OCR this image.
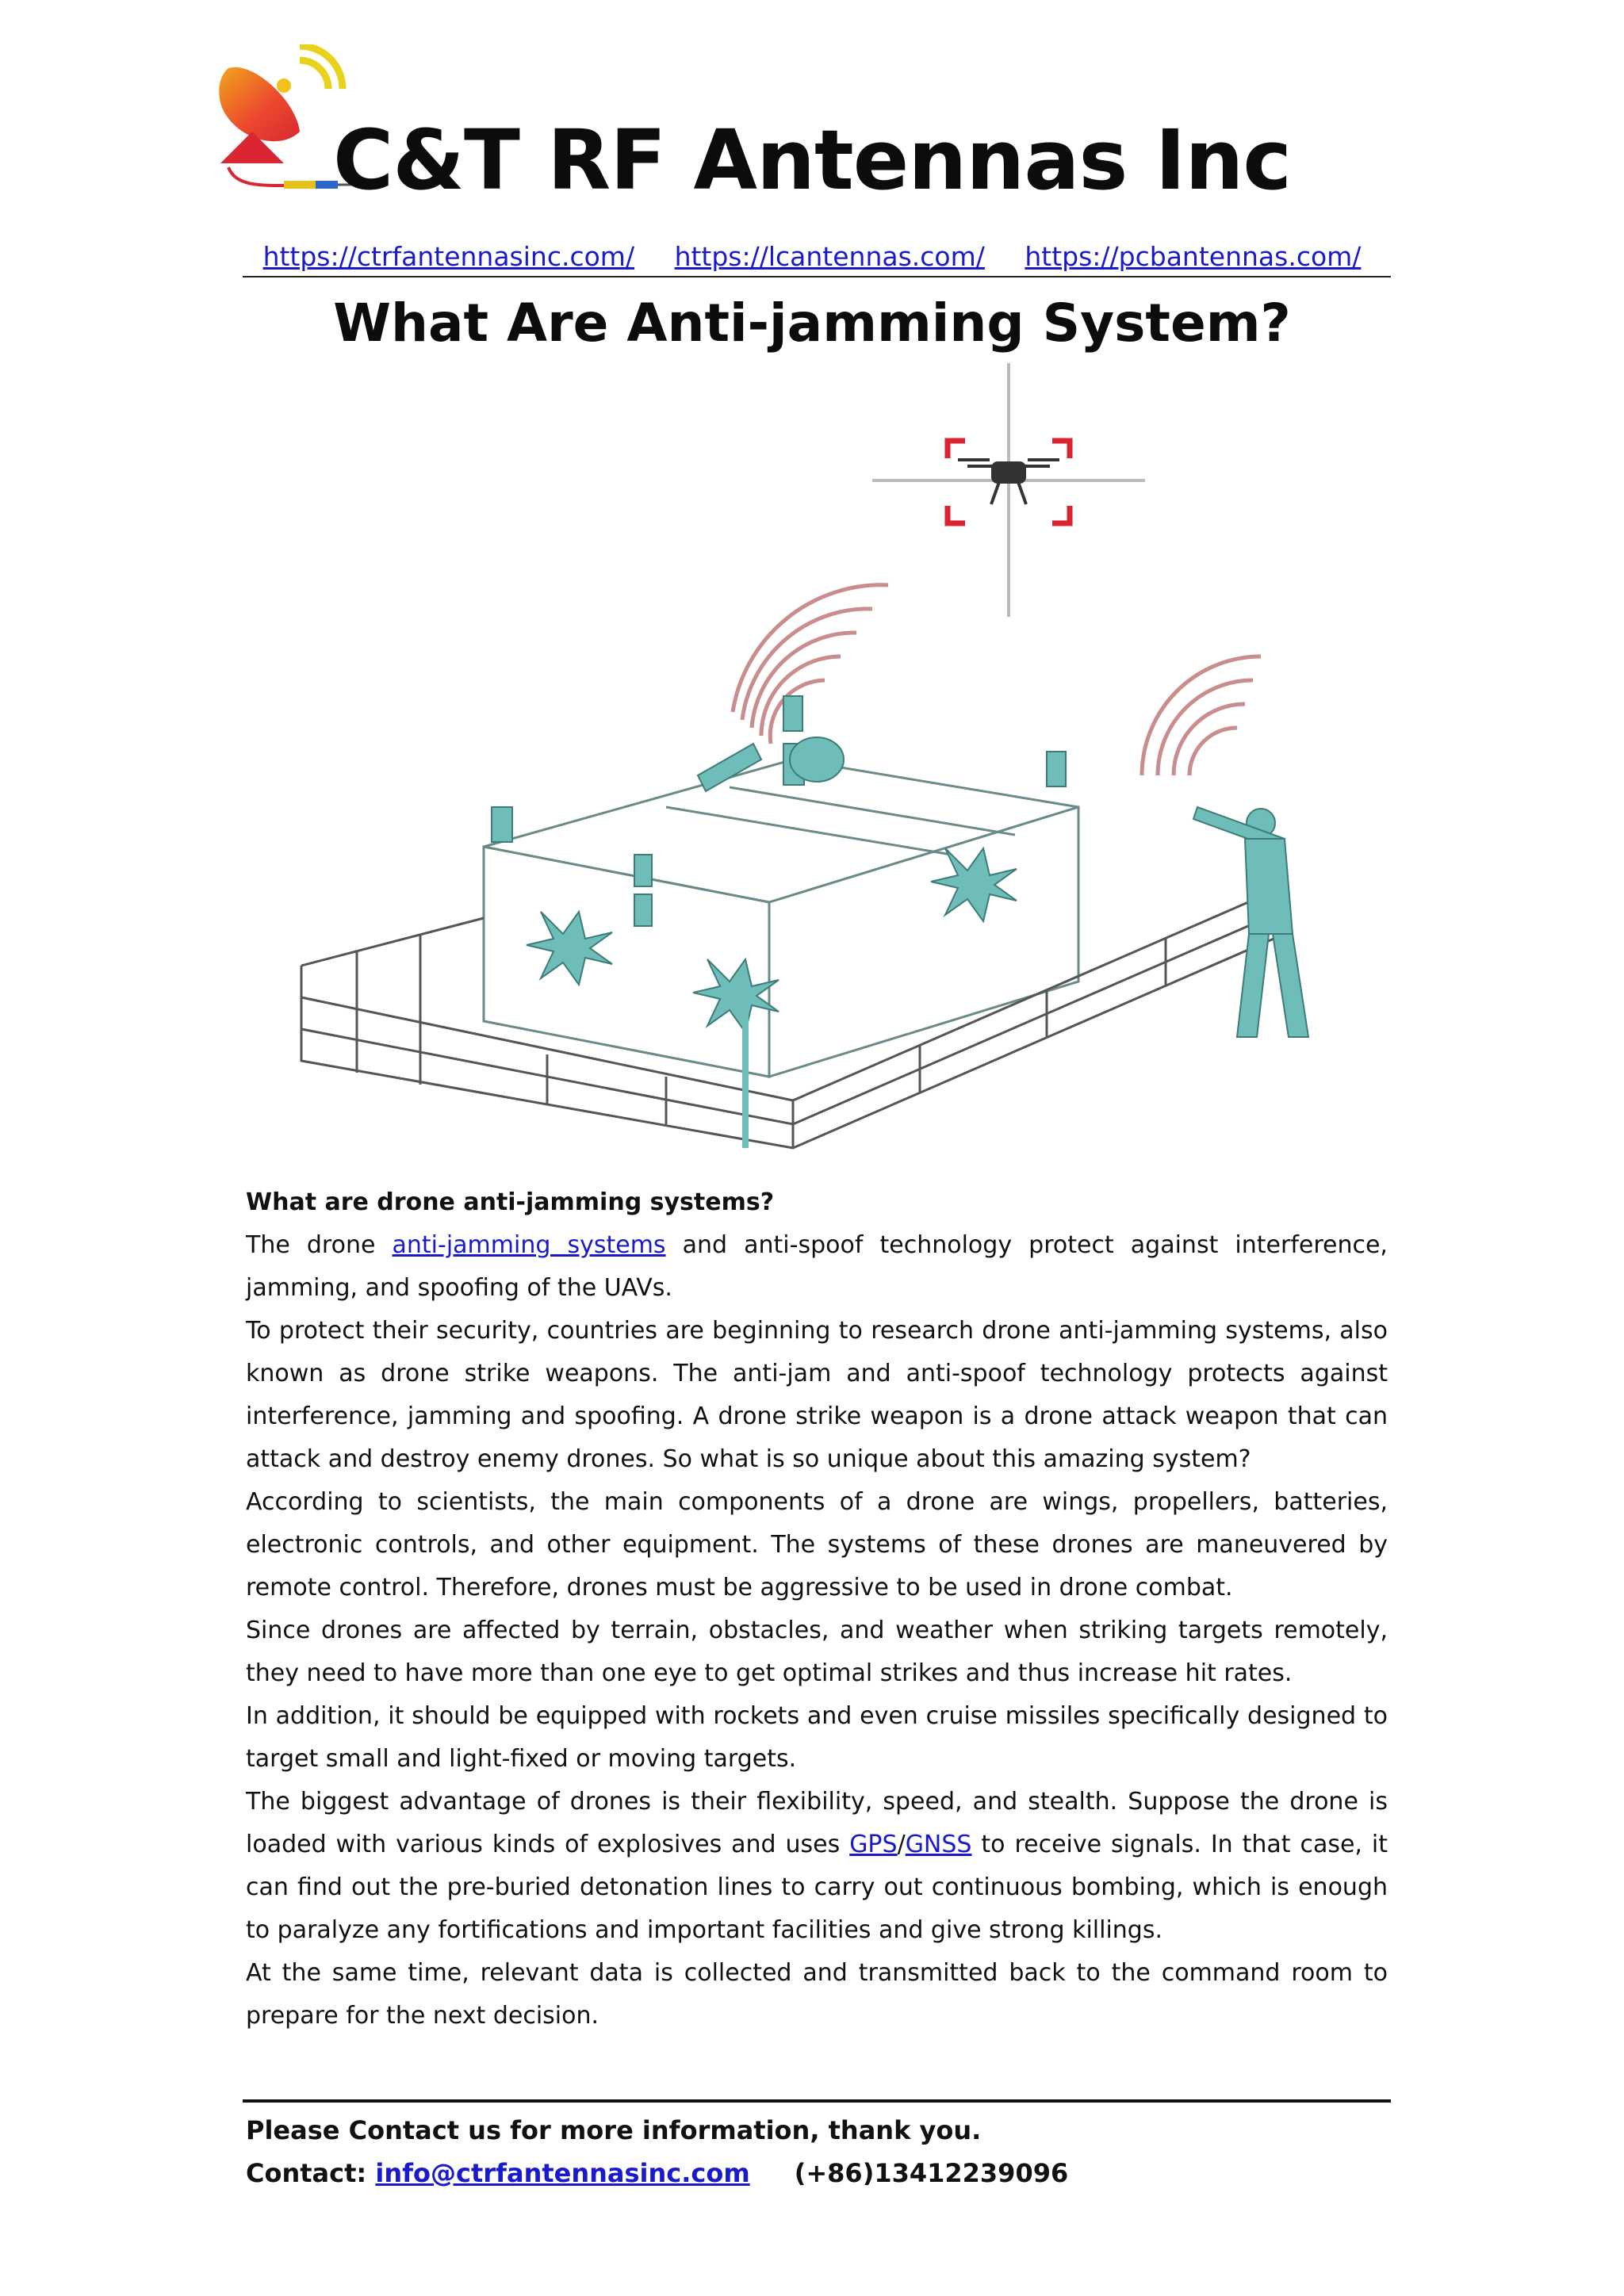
C&T RF Antennas Inc
https://ctrfantennasinc.com/ https://lcantennas.com/ https://pcbantennas.com/
What Are Anti-jamming System?
What are drone anti-jamming systems?

The drone anti-jamming systems and anti-spoof technology protect against interference, jamming, and spoofing of the UAVs.

To protect their security, countries are beginning to research drone anti-jamming systems, also known as drone strike weapons. The anti-jam and anti-spoof technology protects against interference, jamming and spoofing. A drone strike weapon is a drone attack weapon that can attack and destroy enemy drones. So what is so unique about this amazing system?

According to scientists, the main components of a drone are wings, propellers, batteries, electronic controls, and other equipment. The systems of these drones are maneuvered by remote control. Therefore, drones must be aggressive to be used in drone combat.

Since drones are affected by terrain, obstacles, and weather when striking targets remotely, they need to have more than one eye to get optimal strikes and thus increase hit rates.

In addition, it should be equipped with rockets and even cruise missiles specifically designed to target small and light-fixed or moving targets.

The biggest advantage of drones is their flexibility, speed, and stealth. Suppose the drone is loaded with various kinds of explosives and uses GPS/GNSS to receive signals. In that case, it can find out the pre-buried detonation lines to carry out continuous bombing, which is enough to paralyze any fortifications and important facilities and give strong killings.

At the same time, relevant data is collected and transmitted back to the command room to prepare for the next decision.

Please Contact us for more information, thank you.
Contact: info@ctrfantennasinc.com (+86)13412239096
